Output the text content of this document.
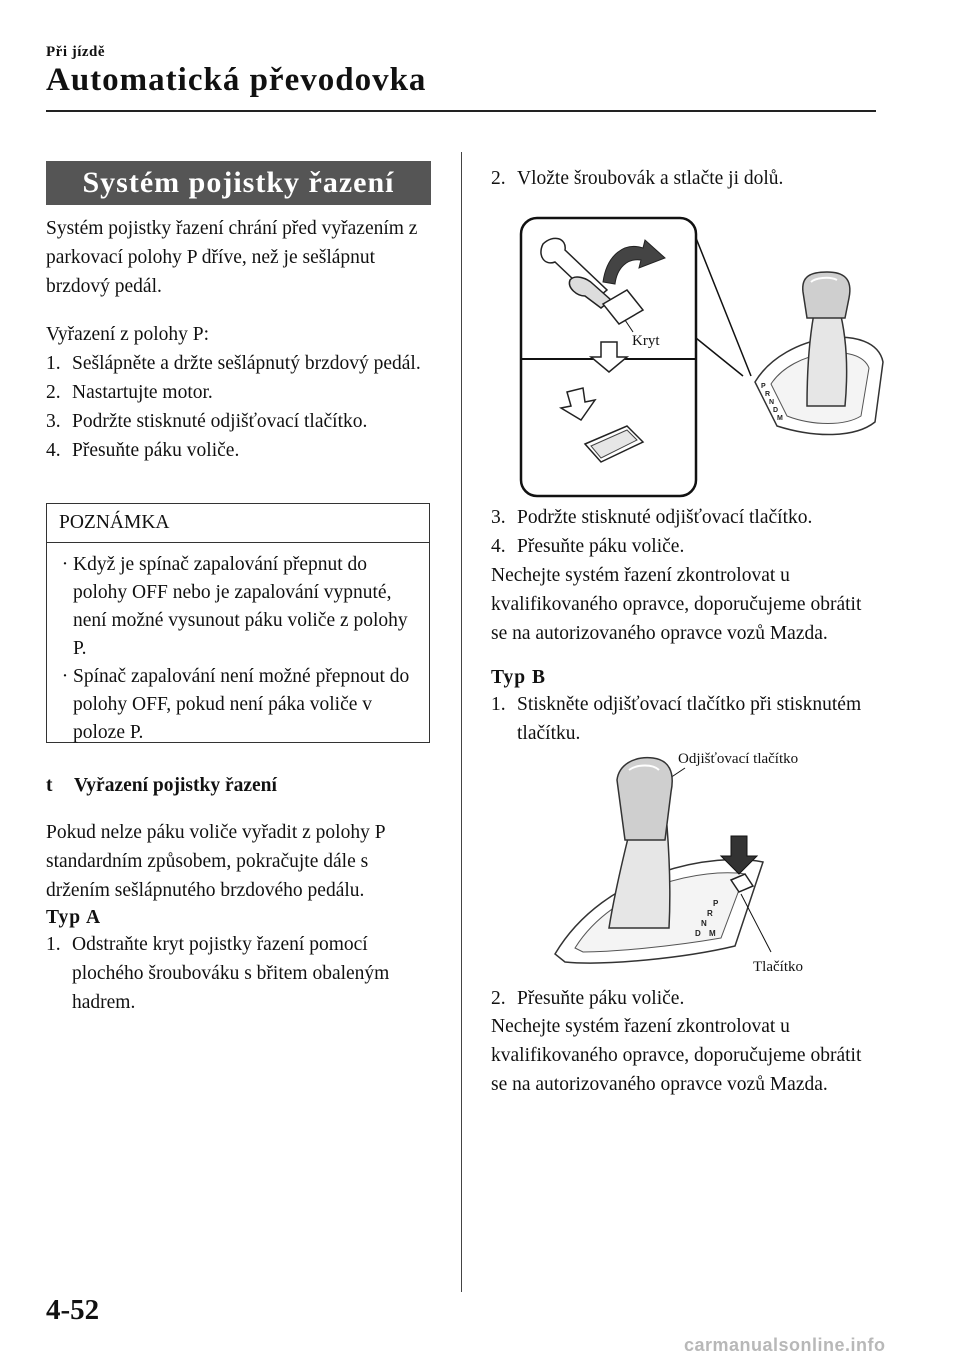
Při jízdě
Automatická převodovka
Systém pojistky řazení
Systém pojistky řazení chrání před vyřazením z parkovací polohy P dříve, než je sešlápnut brzdový pedál.
Vyřazení z polohy P:
1. Sešlápněte a držte sešlápnutý brzdový pedál.
2. Nastartujte motor.
3. Podržte stisknuté odjišťovací tlačítko.
4. Přesuňte páku voliče.
POZNÁMKA
· Když je spínač zapalování přepnut do polohy OFF nebo je zapalování vypnuté, není možné vysunout páku voliče z polohy P.
· Spínač zapalování není možné přepnout do polohy OFF, pokud není páka voliče v poloze P.
t Vyřazení pojistky řazení
Pokud nelze páku voliče vyřadit z polohy P standardním způsobem, pokračujte dále s držením sešlápnutého brzdového pedálu.
Typ A
1. Odstraňte kryt pojistky řazení pomocí plochého šroubováku s břitem obaleným hadrem.
2. Vložte šroubovák a stlačte ji dolů.
Kryt
P
R
N
D
M
3. Podržte stisknuté odjišťovací tlačítko.
4. Přesuňte páku voliče.
Nechejte systém řazení zkontrolovat u kvalifikovaného opravce, doporučujeme obrátit se na autorizovaného opravce vozů Mazda.
Typ B
1. Stiskněte odjišťovací tlačítko při stisknutém tlačítku.
Odjišťovací tlačítko
P
R
N
D M
Tlačítko
2. Přesuňte páku voliče.
Nechejte systém řazení zkontrolovat u kvalifikovaného opravce, doporučujeme obrátit se na autorizovaného opravce vozů Mazda.
4-52
carmanualsonline.info
